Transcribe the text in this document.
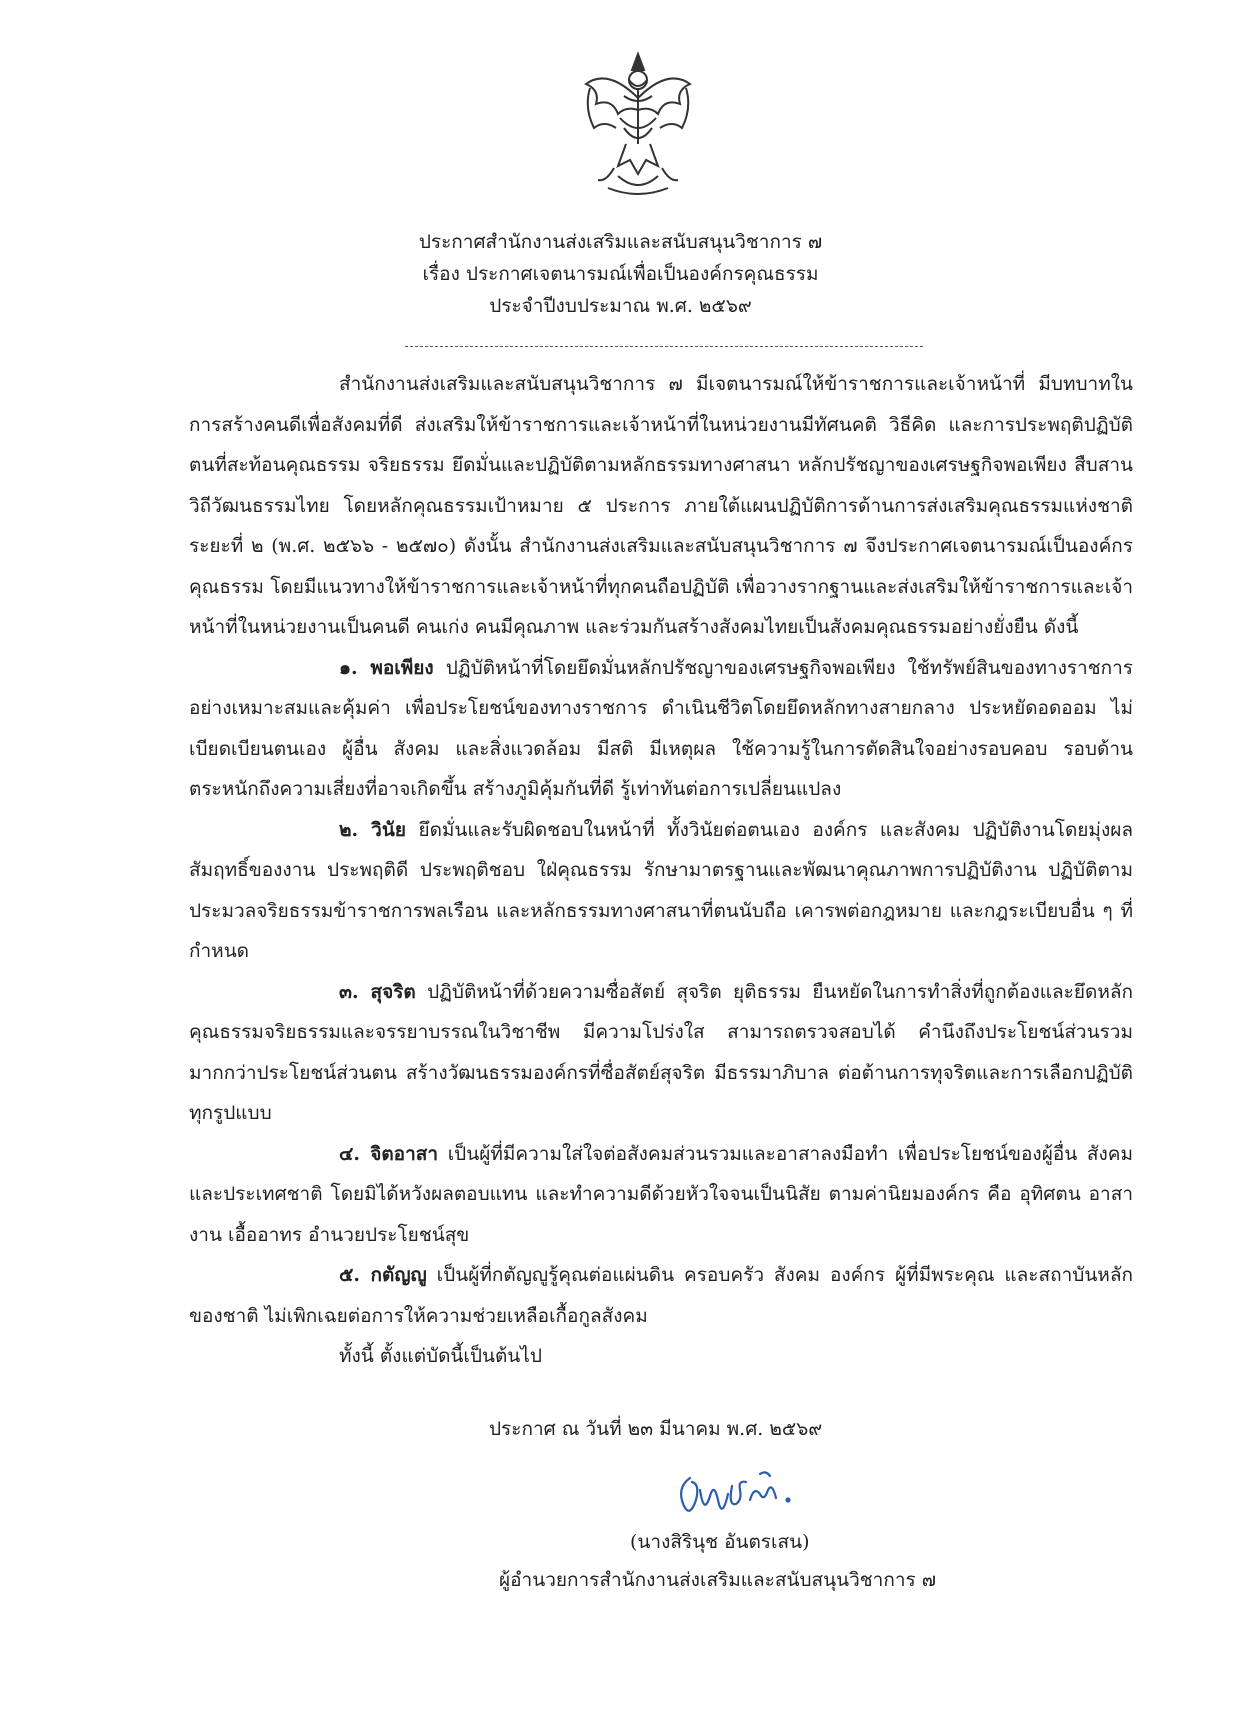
ประกาศสำนักงานส่งเสริมและสนับสนุนวิชาการ ๗
เรื่อง ประกาศเจตนารมณ์เพื่อเป็นองค์กรคุณธรรม
ประจำปีงบประมาณ พ.ศ. ๒๕๖๙

สำนักงานส่งเสริมและสนับสนุนวิชาการ ๗ มีเจตนารมณ์ให้ข้าราชการและเจ้าหน้าที่ มีบทบาทในการสร้างคนดีเพื่อสังคมที่ดี ส่งเสริมให้ข้าราชการและเจ้าหน้าที่ในหน่วยงานมีทัศนคติ วิธีคิด และการประพฤติปฏิบัติตนที่สะท้อนคุณธรรม จริยธรรม ยึดมั่นและปฏิบัติตามหลักธรรมทางศาสนา หลักปรัชญาของเศรษฐกิจพอเพียง สืบสานวิถีวัฒนธรรมไทย โดยหลักคุณธรรมเป้าหมาย ๕ ประการ ภายใต้แผนปฏิบัติการด้านการส่งเสริมคุณธรรมแห่งชาติ ระยะที่ ๒ (พ.ศ. ๒๕๖๖ - ๒๕๗๐) ดังนั้น สำนักงานส่งเสริมและสนับสนุนวิชาการ ๗ จึงประกาศเจตนารมณ์เป็นองค์กรคุณธรรม โดยมีแนวทางให้ข้าราชการและเจ้าหน้าที่ทุกคนถือปฏิบัติ เพื่อวางรากฐานและส่งเสริมให้ข้าราชการและเจ้าหน้าที่ในหน่วยงานเป็นคนดี คนเก่ง คนมีคุณภาพ และร่วมกันสร้างสังคมไทยเป็นสังคมคุณธรรมอย่างยั่งยืน ดังนี้

๑. พอเพียง ปฏิบัติหน้าที่โดยยึดมั่นหลักปรัชญาของเศรษฐกิจพอเพียง ใช้ทรัพย์สินของทางราชการอย่างเหมาะสมและคุ้มค่า เพื่อประโยชน์ของทางราชการ ดำเนินชีวิตโดยยึดหลักทางสายกลาง ประหยัดอดออม ไม่เบียดเบียนตนเอง ผู้อื่น สังคม และสิ่งแวดล้อม มีสติ มีเหตุผล ใช้ความรู้ในการตัดสินใจอย่างรอบคอบ รอบด้าน ตระหนักถึงความเสี่ยงที่อาจเกิดขึ้น สร้างภูมิคุ้มกันที่ดี รู้เท่าทันต่อการเปลี่ยนแปลง

๒. วินัย ยึดมั่นและรับผิดชอบในหน้าที่ ทั้งวินัยต่อตนเอง องค์กร และสังคม ปฏิบัติงานโดยมุ่งผลสัมฤทธิ์ของงาน ประพฤติดี ประพฤติชอบ ใฝ่คุณธรรม รักษามาตรฐานและพัฒนาคุณภาพการปฏิบัติงาน ปฏิบัติตามประมวลจริยธรรมข้าราชการพลเรือน และหลักธรรมทางศาสนาที่ตนนับถือ เคารพต่อกฎหมาย และกฎระเบียบอื่น ๆ ที่กำหนด

๓. สุจริต ปฏิบัติหน้าที่ด้วยความซื่อสัตย์ สุจริต ยุติธรรม ยืนหยัดในการทำสิ่งที่ถูกต้องและยึดหลักคุณธรรมจริยธรรมและจรรยาบรรณในวิชาชีพ มีความโปร่งใส สามารถตรวจสอบได้ คำนึงถึงประโยชน์ส่วนรวมมากกว่าประโยชน์ส่วนตน สร้างวัฒนธรรมองค์กรที่ซื่อสัตย์สุจริต มีธรรมาภิบาล ต่อต้านการทุจริตและการเลือกปฏิบัติทุกรูปแบบ

๔. จิตอาสา เป็นผู้ที่มีความใส่ใจต่อสังคมส่วนรวมและอาสาลงมือทำ เพื่อประโยชน์ของผู้อื่น สังคม และประเทศชาติ โดยมิได้หวังผลตอบแทน และทำความดีด้วยหัวใจจนเป็นนิสัย ตามค่านิยมองค์กร คือ อุทิศตน อาสางาน เอื้ออาทร อำนวยประโยชน์สุข

๕. กตัญญู เป็นผู้ที่กตัญญูรู้คุณต่อแผ่นดิน ครอบครัว สังคม องค์กร ผู้ที่มีพระคุณ และสถาบันหลักของชาติ ไม่เพิกเฉยต่อการให้ความช่วยเหลือเกื้อกูลสังคม

ทั้งนี้ ตั้งแต่บัดนี้เป็นต้นไป

ประกาศ ณ วันที่ ๒๓ มีนาคม พ.ศ. ๒๕๖๙
(นางสิรินุช อันตรเสน)
ผู้อำนวยการสำนักงานส่งเสริมและสนับสนุนวิชาการ ๗
